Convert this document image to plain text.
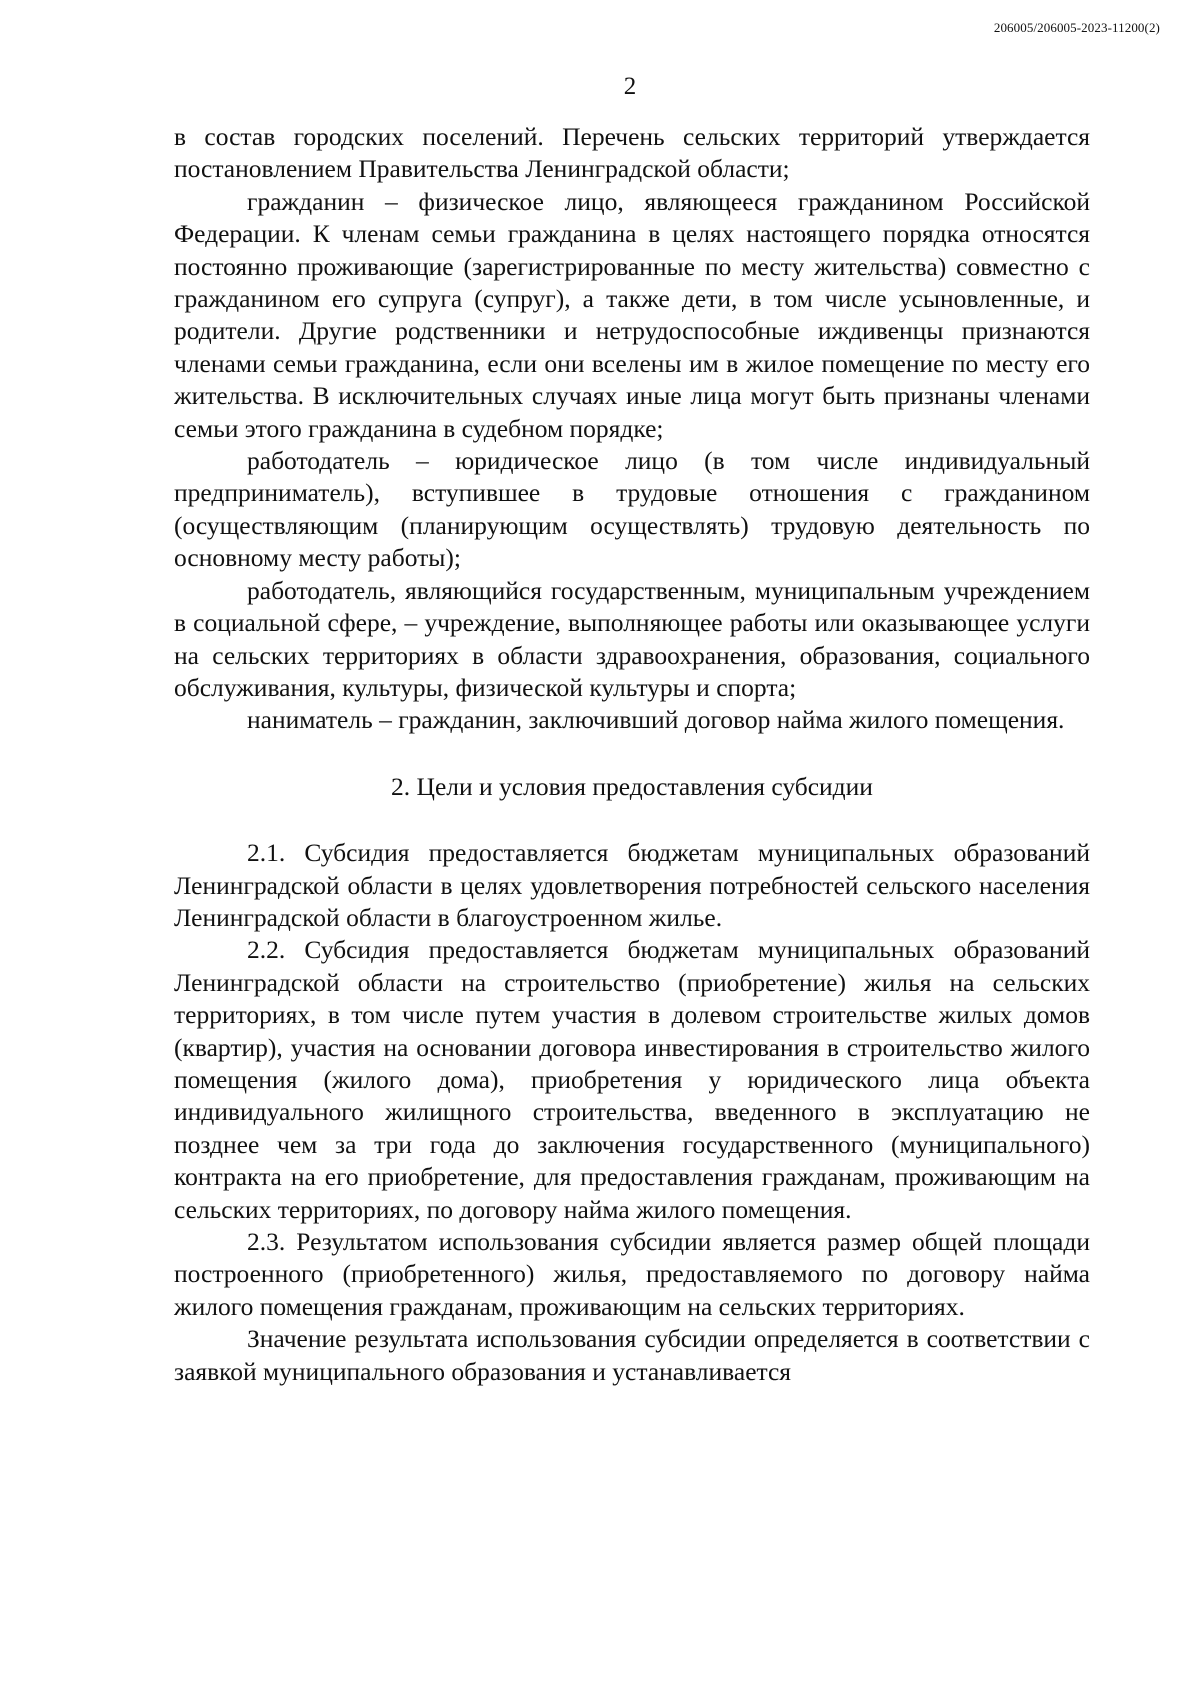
206005/206005-2023-11200(2)
2

в состав городских поселений. Перечень сельских территорий утверждается постановлением Правительства Ленинградской области;

гражданин – физическое лицо, являющееся гражданином Российской Федерации. К членам семьи гражданина в целях настоящего порядка относятся постоянно проживающие (зарегистрированные по месту жительства) совместно с гражданином его супруга (супруг), а также дети, в том числе усыновленные, и родители. Другие родственники и нетрудоспособные иждивенцы признаются членами семьи гражданина, если они вселены им в жилое помещение по месту его жительства. В исключительных случаях иные лица могут быть признаны членами семьи этого гражданина в судебном порядке;

работодатель – юридическое лицо (в том числе индивидуальный предприниматель), вступившее в трудовые отношения с гражданином (осуществляющим (планирующим осуществлять) трудовую деятельность по основному месту работы);

работодатель, являющийся государственным, муниципальным учреждением в социальной сфере, – учреждение, выполняющее работы или оказывающее услуги на сельских территориях в области здравоохранения, образования, социального обслуживания, культуры, физической культуры и спорта;

наниматель – гражданин, заключивший договор найма жилого помещения.

2. Цели и условия предоставления субсидии

2.1. Субсидия предоставляется бюджетам муниципальных образований Ленинградской области в целях удовлетворения потребностей сельского населения Ленинградской области в благоустроенном жилье.

2.2. Субсидия предоставляется бюджетам муниципальных образований Ленинградской области на строительство (приобретение) жилья на сельских территориях, в том числе путем участия в долевом строительстве жилых домов (квартир), участия на основании договора инвестирования в строительство жилого помещения (жилого дома), приобретения у юридического лица объекта индивидуального жилищного строительства, введенного в эксплуатацию не позднее чем за три года до заключения государственного (муниципального) контракта на его приобретение, для предоставления гражданам, проживающим на сельских территориях, по договору найма жилого помещения.

2.3. Результатом использования субсидии является размер общей площади построенного (приобретенного) жилья, предоставляемого по договору найма жилого помещения гражданам, проживающим на сельских территориях.

Значение результата использования субсидии определяется в соответствии с заявкой муниципального образования и устанавливается
